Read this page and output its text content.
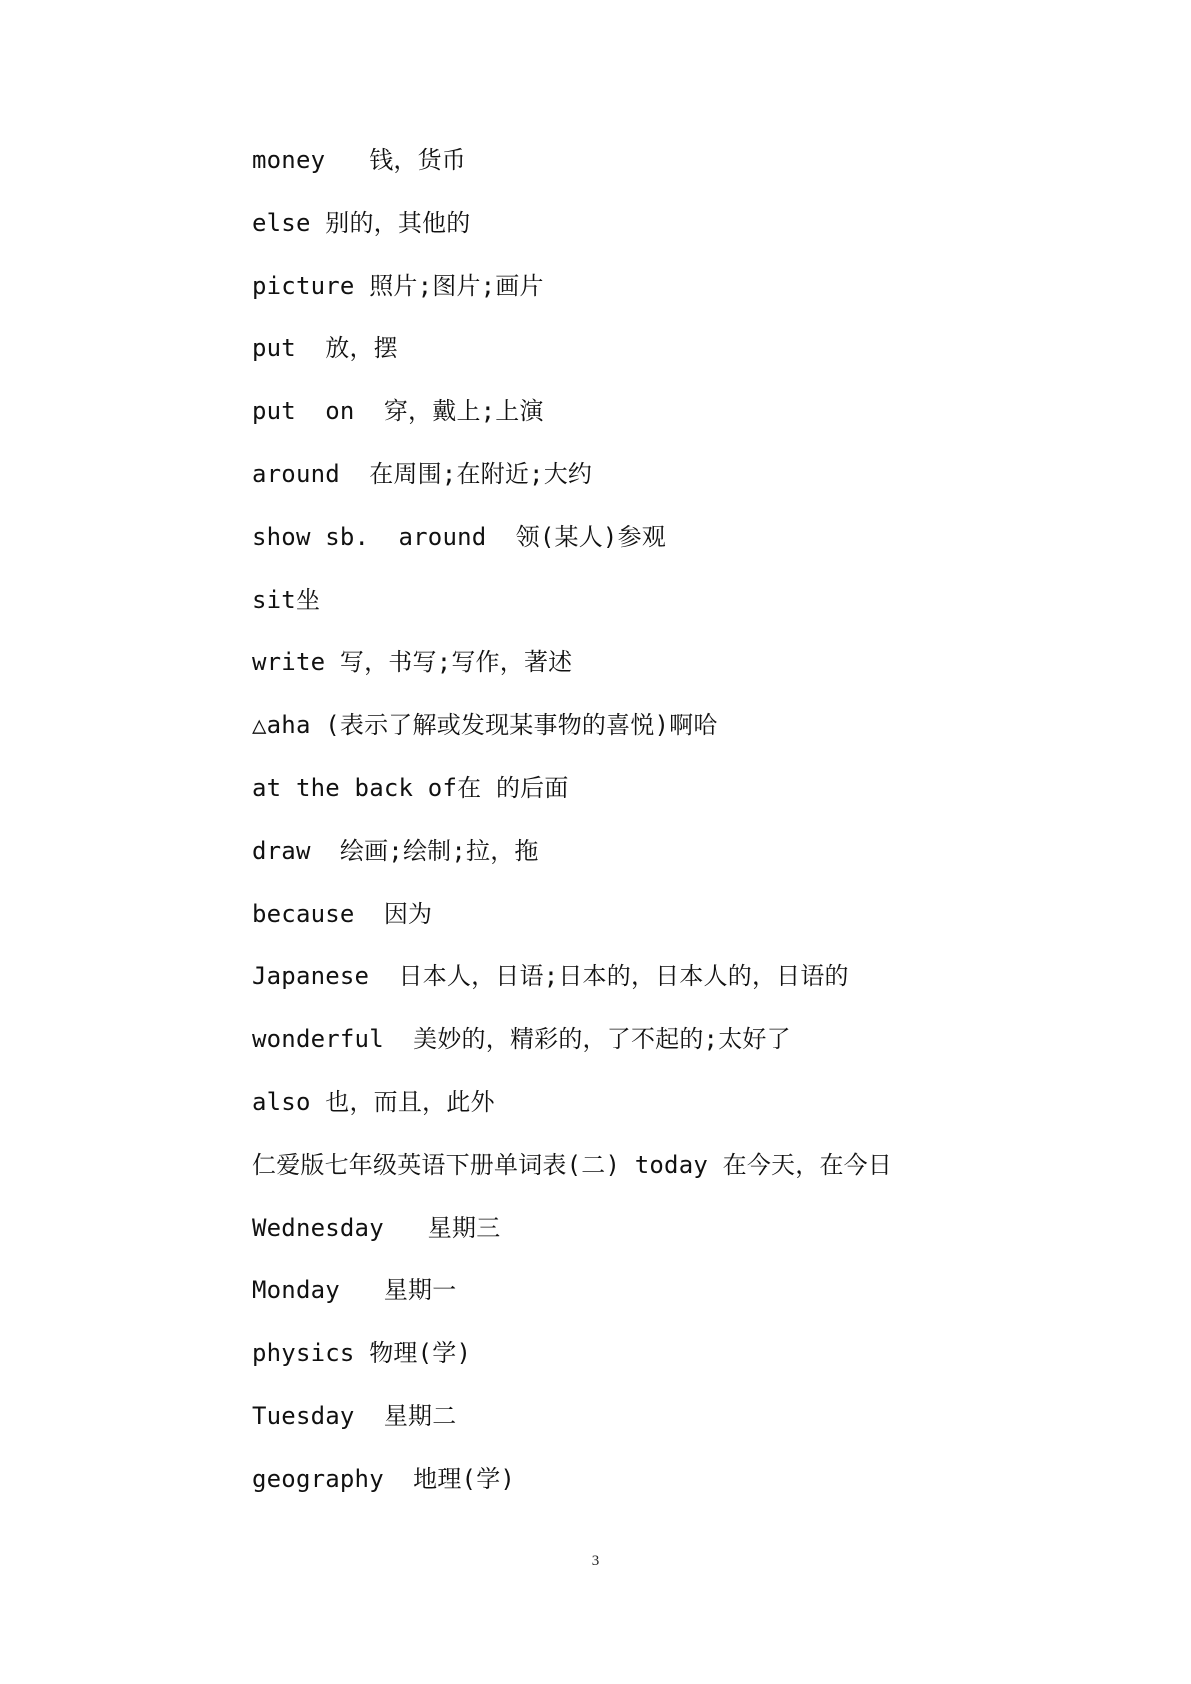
money   钱，货币
else 别的，其他的
picture 照片;图片;画片
put  放，摆
put  on  穿，戴上;上演
around  在周围;在附近;大约
show sb.  around  领(某人)参观
sit坐
write 写，书写;写作，著述
△aha (表示了解或发现某事物的喜悦)啊哈
at the back of在 的后面
draw  绘画;绘制;拉，拖
because  因为
Japanese  日本人，日语;日本的，日本人的，日语的
wonderful  美妙的，精彩的，了不起的;太好了
also 也，而且，此外
仁爱版七年级英语下册单词表(二) today 在今天，在今日
Wednesday   星期三
Monday   星期一
physics 物理(学)
Tuesday  星期二
geography  地理(学)
3
